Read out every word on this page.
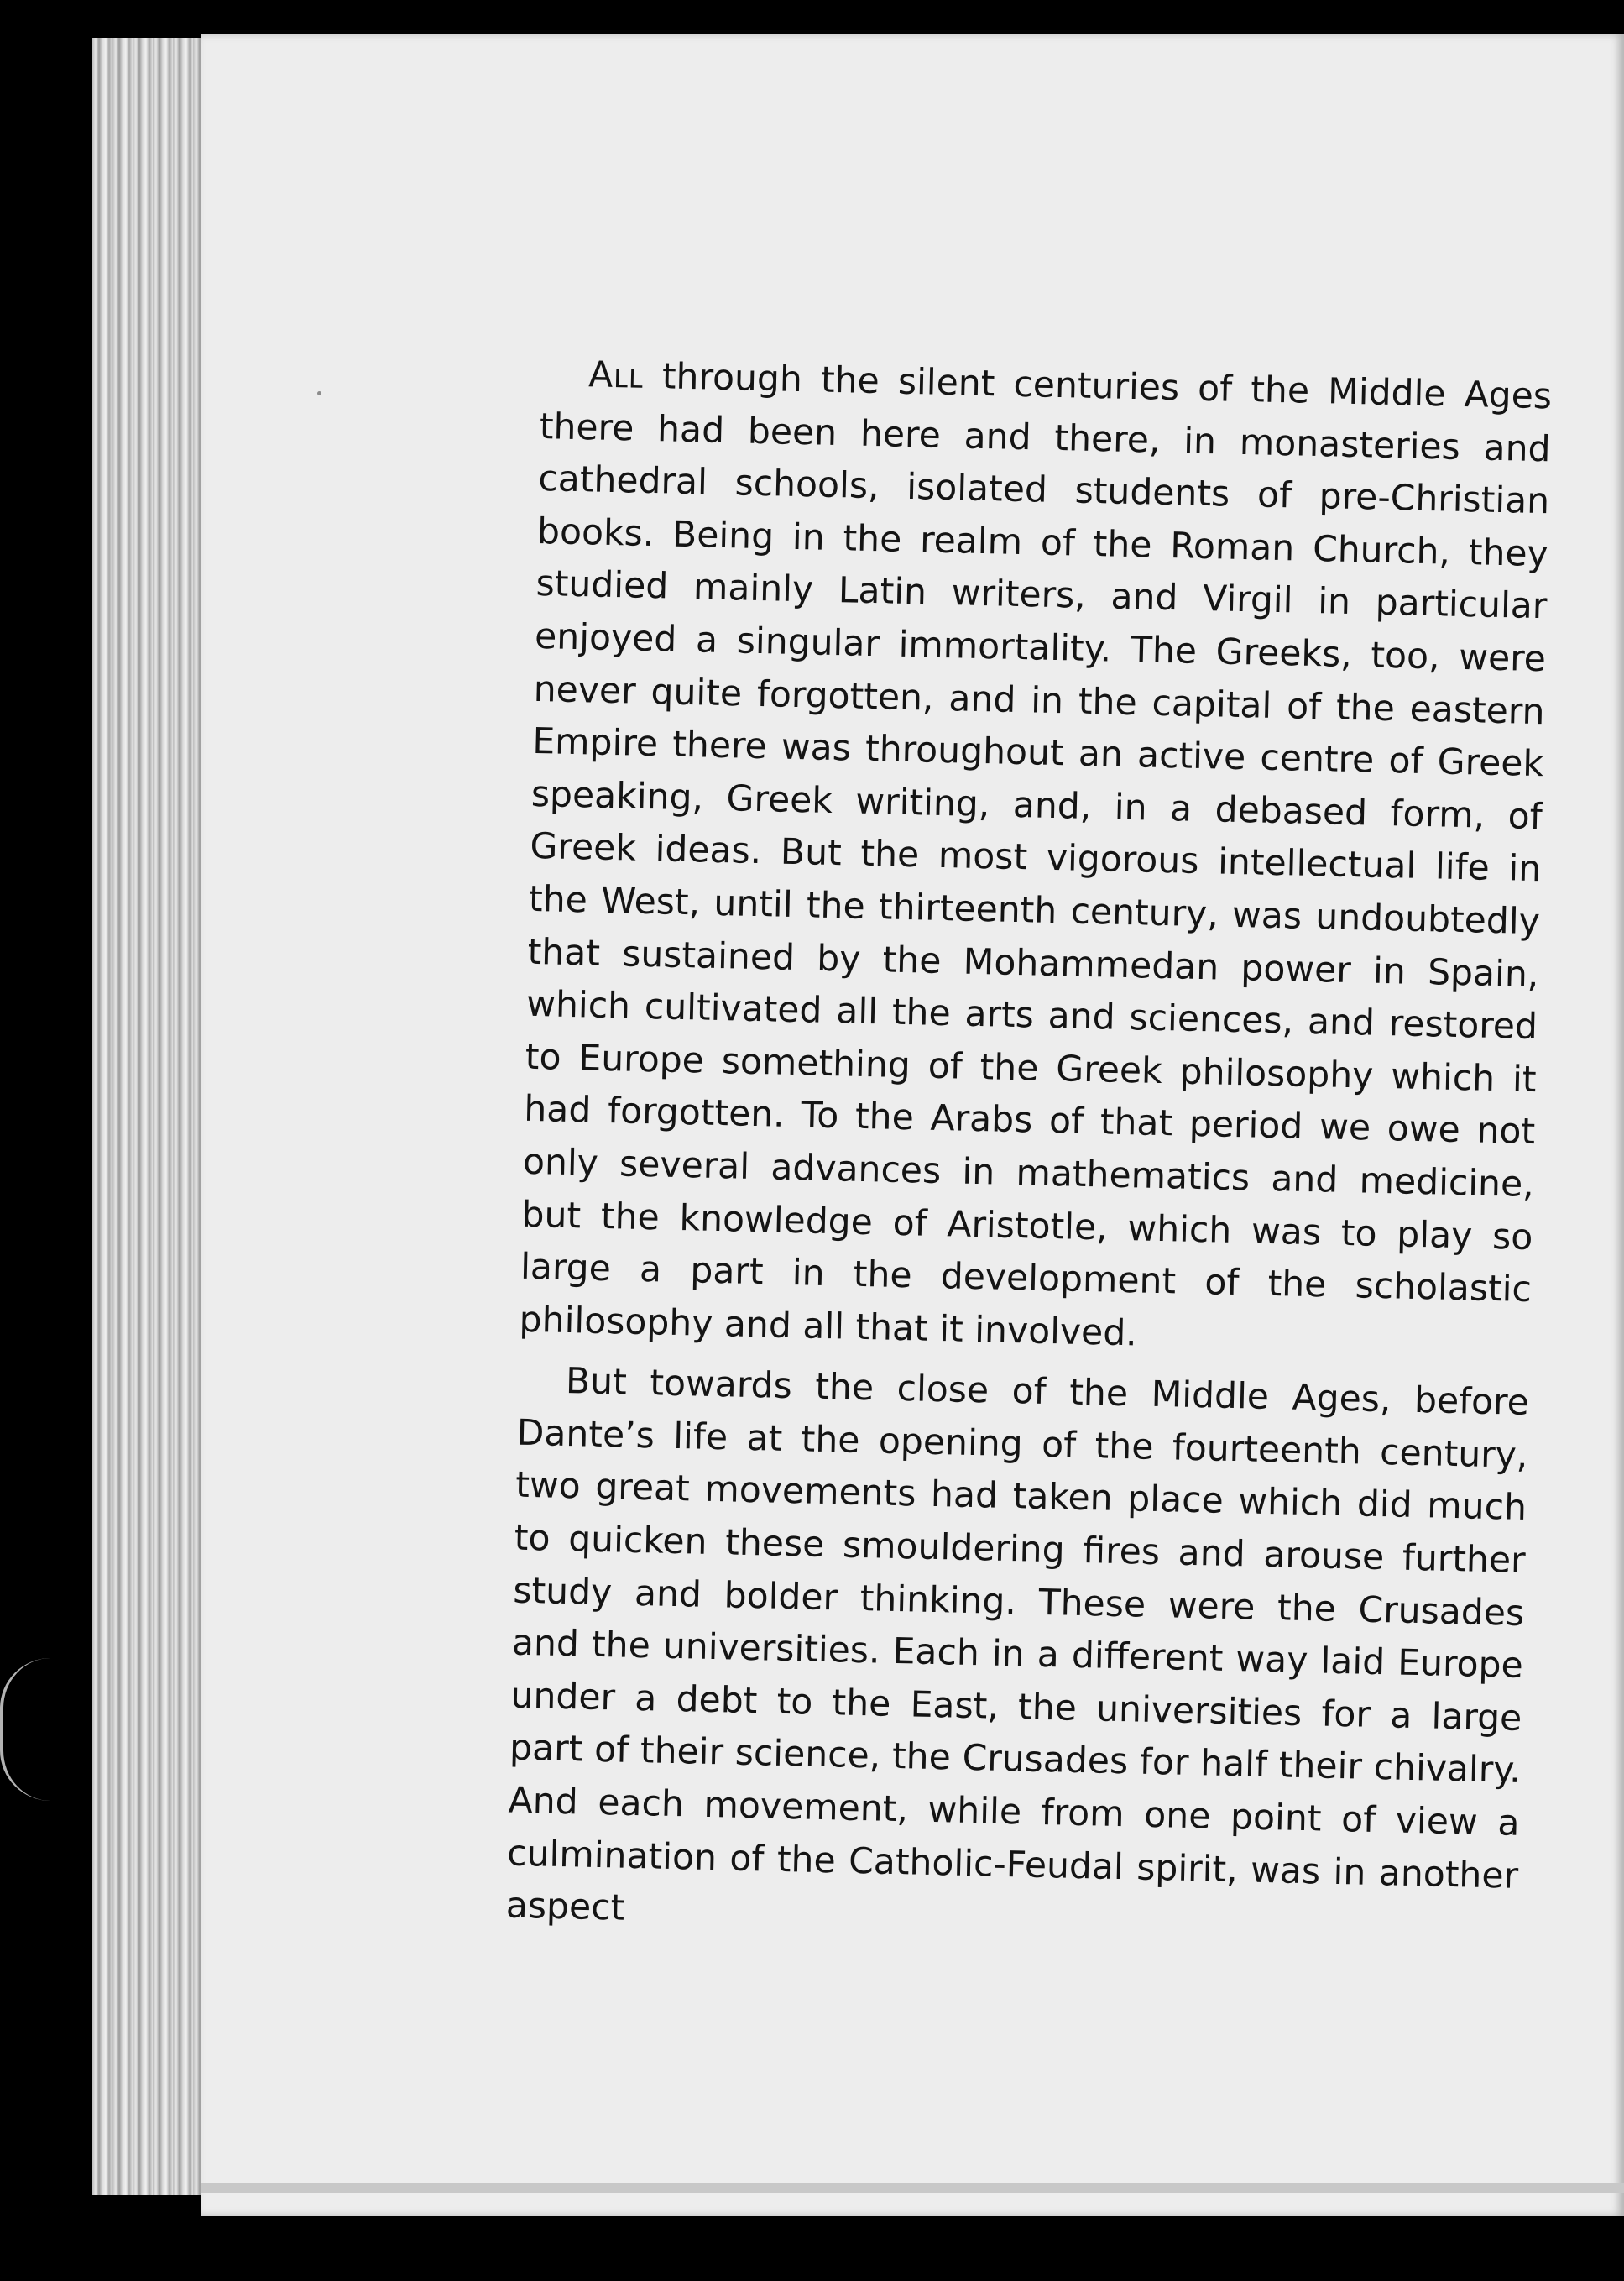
All through the silent centuries of the Middle Ages there had been here and there, in monasteries and cathedral schools, isolated students of pre-Christian books. Being in the realm of the Roman Church, they studied mainly Latin writers, and Virgil in particular enjoyed a singular immortality. The Greeks, too, were never quite forgotten, and in the capital of the eastern Empire there was throughout an active centre of Greek speaking, Greek writing, and, in a debased form, of Greek ideas. But the most vigorous intellectual life in the West, until the thirteenth century, was undoubtedly that sustained by the Mohammedan power in Spain, which cultivated all the arts and sciences, and restored to Europe something of the Greek philosophy which it had forgotten. To the Arabs of that period we owe not only several advances in mathematics and medicine, but the knowledge of Aristotle, which was to play so large a part in the development of the scholastic philosophy and all that it involved.

But towards the close of the Middle Ages, before Dante’s life at the opening of the fourteenth century, two great movements had taken place which did much to quicken these smouldering fires and arouse further study and bolder thinking. These were the Crusades and the universities. Each in a different way laid Europe under a debt to the East, the universities for a large part of their science, the Crusades for half their chivalry. And each movement, while from one point of view a culmination of the Catholic-Feudal spirit, was in another aspect
